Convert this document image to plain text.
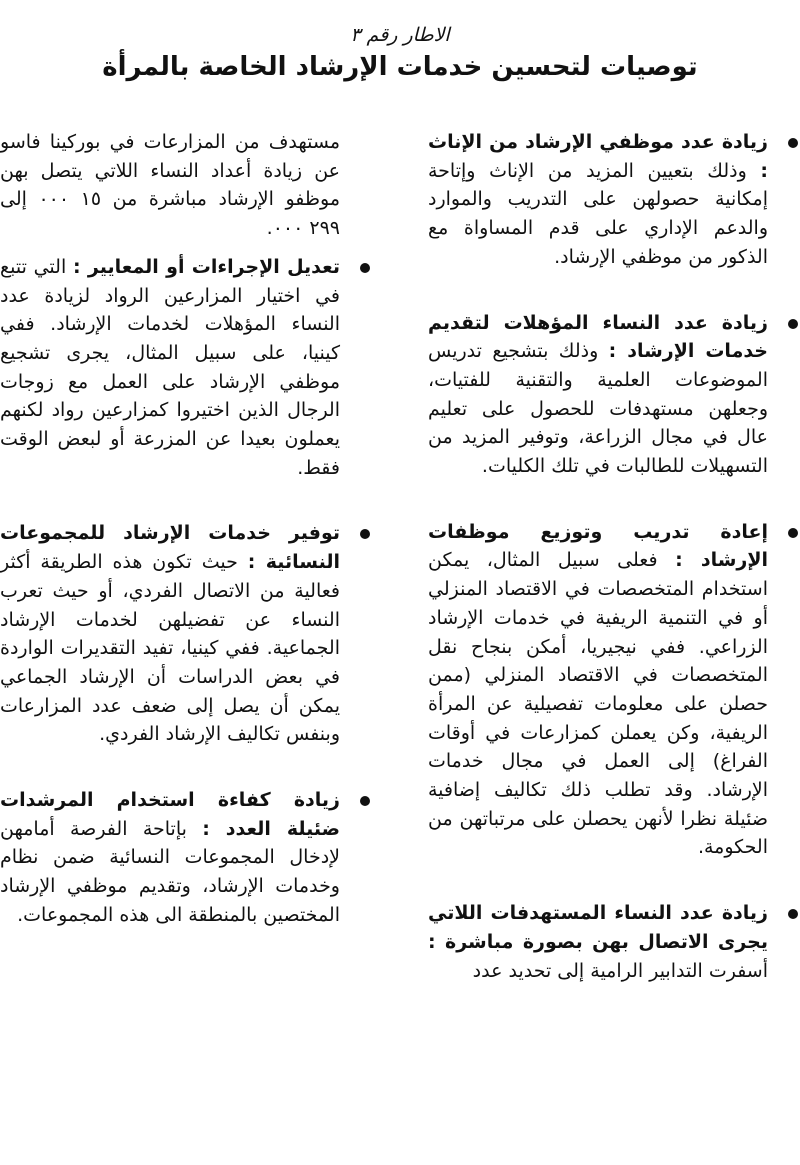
الاطار رقم ٣
توصيات لتحسين خدمات الإرشاد الخاصة بالمرأة
زيادة عدد موظفي الإرشاد من الإناث : وذلك بتعيين المزيد من الإناث وإتاحة إمكانية حصولهن على التدريب والموارد والدعم الإداري على قدم المساواة مع الذكور من موظفي الإرشاد.
زيادة عدد النساء المؤهلات لتقديم خدمات الإرشاد : وذلك بتشجيع تدريس الموضوعات العلمية والتقنية للفتيات، وجعلهن مستهدفات للحصول على تعليم عال في مجال الزراعة، وتوفير المزيد من التسهيلات للطالبات في تلك الكليات.
إعادة تدريب وتوزيع موظفات الإرشاد : فعلى سبيل المثال، يمكن استخدام المتخصصات في الاقتصاد المنزلي أو في التنمية الريفية في خدمات الإرشاد الزراعي. ففي نيجيريا، أمكن بنجاح نقل المتخصصات في الاقتصاد المنزلي (ممن حصلن على معلومات تفصيلية عن المرأة الريفية، وكن يعملن كمزارعات في أوقات الفراغ) إلى العمل في مجال خدمات الإرشاد. وقد تطلب ذلك تكاليف إضافية ضئيلة نظرا لأنهن يحصلن على مرتباتهن من الحكومة.
زيادة عدد النساء المستهدفات اللاتي يجرى الاتصال بهن بصورة مباشرة : أسفرت التدابير الرامية إلى تحديد عدد
مستهدف من المزارعات في بوركينا فاسو عن زيادة أعداد النساء اللاتي يتصل بهن موظفو الإرشاد مباشرة من ١٥ ٠٠٠ إلى ٢٩٩ ٠٠٠.
تعديل الإجراءات أو المعايير : التي تتبع في اختيار المزارعين الرواد لزيادة عدد النساء المؤهلات لخدمات الإرشاد. ففي كينيا، على سبيل المثال، يجرى تشجيع موظفي الإرشاد على العمل مع زوجات الرجال الذين اختيروا كمزارعين رواد لكنهم يعملون بعيدا عن المزرعة أو لبعض الوقت فقط.
توفير خدمات الإرشاد للمجموعات النسائية : حيث تكون هذه الطريقة أكثر فعالية من الاتصال الفردي، أو حيث تعرب النساء عن تفضيلهن لخدمات الإرشاد الجماعية. ففي كينيا، تفيد التقديرات الواردة في بعض الدراسات أن الإرشاد الجماعي يمكن أن يصل إلى ضعف عدد المزارعات وبنفس تكاليف الإرشاد الفردي.
زيادة كفاءة استخدام المرشدات ضئيلة العدد : بإتاحة الفرصة أمامهن لإدخال المجموعات النسائية ضمن نظام وخدمات الإرشاد، وتقديم موظفي الإرشاد المختصين بالمنطقة الى هذه المجموعات.
